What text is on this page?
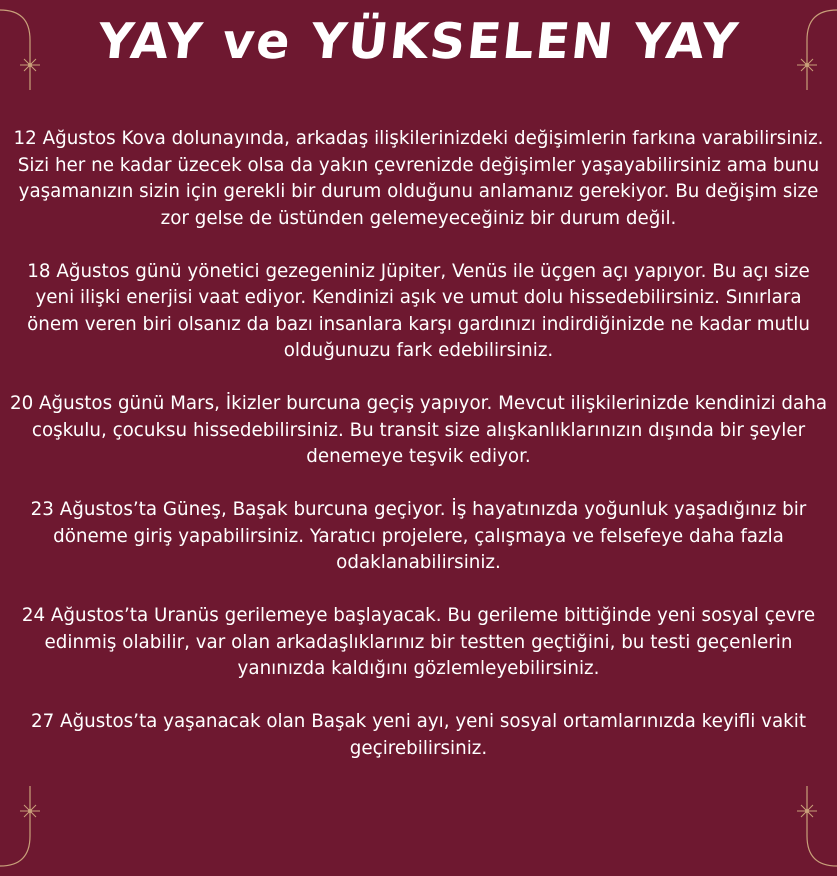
YAY ve YÜKSELEN YAY

12 Ağustos Kova dolunayında, arkadaş ilişkilerinizdeki değişimlerin farkına varabilirsiniz. Sizi her ne kadar üzecek olsa da yakın çevrenizde değişimler yaşayabilirsiniz ama bunu yaşamanızın sizin için gerekli bir durum olduğunu anlamanız gerekiyor. Bu değişim size zor gelse de üstünden gelemeyeceğiniz bir durum değil.

18 Ağustos günü yönetici gezegeniniz Jüpiter, Venüs ile üçgen açı yapıyor. Bu açı size yeni ilişki enerjisi vaat ediyor. Kendinizi aşık ve umut dolu hissedebilirsiniz. Sınırlara önem veren biri olsanız da bazı insanlara karşı gardınızı indirdiğinizde ne kadar mutlu olduğunuzu fark edebilirsiniz.

20 Ağustos günü Mars, İkizler burcuna geçiş yapıyor. Mevcut ilişkilerinizde kendinizi daha coşkulu, çocuksu hissedebilirsiniz. Bu transit size alışkanlıklarınızın dışında bir şeyler denemeye teşvik ediyor.

23 Ağustos’ta Güneş, Başak burcuna geçiyor. İş hayatınızda yoğunluk yaşadığınız bir döneme giriş yapabilirsiniz. Yaratıcı projelere, çalışmaya ve felsefeye daha fazla odaklanabilirsiniz.

24 Ağustos’ta Uranüs gerilemeye başlayacak. Bu gerileme bittiğinde yeni sosyal çevre edinmiş olabilir, var olan arkadaşlıklarınız bir testten geçtiğini, bu testi geçenlerin yanınızda kaldığını gözlemleyebilirsiniz.

27 Ağustos’ta yaşanacak olan Başak yeni ayı, yeni sosyal ortamlarınızda keyifli vakit geçirebilirsiniz.
